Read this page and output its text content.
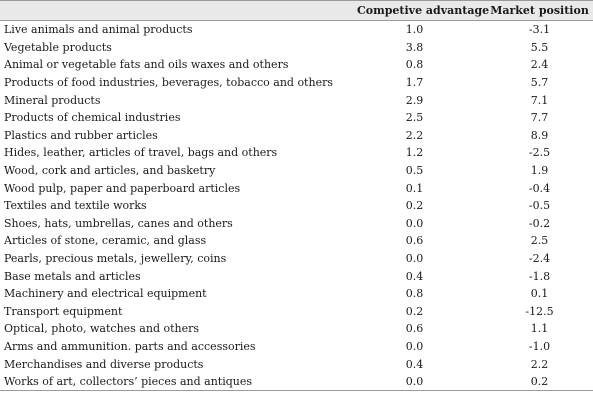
	Competive advantage	Market position
Live animals and animal products	1.0	-3.1
Vegetable products	3.8	5.5
Animal or vegetable fats and oils waxes and others	0.8	2.4
Products of food industries, beverages, tobacco and others	1.7	5.7
Mineral products	2.9	7.1
Products of chemical industries	2.5	7.7
Plastics and rubber articles	2.2	8.9
Hides, leather, articles of travel, bags and others	1.2	-2.5
Wood, cork and articles, and basketry	0.5	1.9
Wood pulp, paper and paperboard articles	0.1	-0.4
Textiles and textile works	0.2	-0.5
Shoes, hats, umbrellas, canes and others	0.0	-0.2
Articles of stone, ceramic, and glass	0.6	2.5
Pearls, precious metals, jewellery, coins	0.0	-2.4
Base metals and articles	0.4	-1.8
Machinery and electrical equipment	0.8	0.1
Transport equipment	0.2	-12.5
Optical, photo, watches and others	0.6	1.1
Arms and ammunition. parts and accessories	0.0	-1.0
Merchandises and diverse products	0.4	2.2
Works of art, collectors’ pieces and antiques	0.0	0.2
